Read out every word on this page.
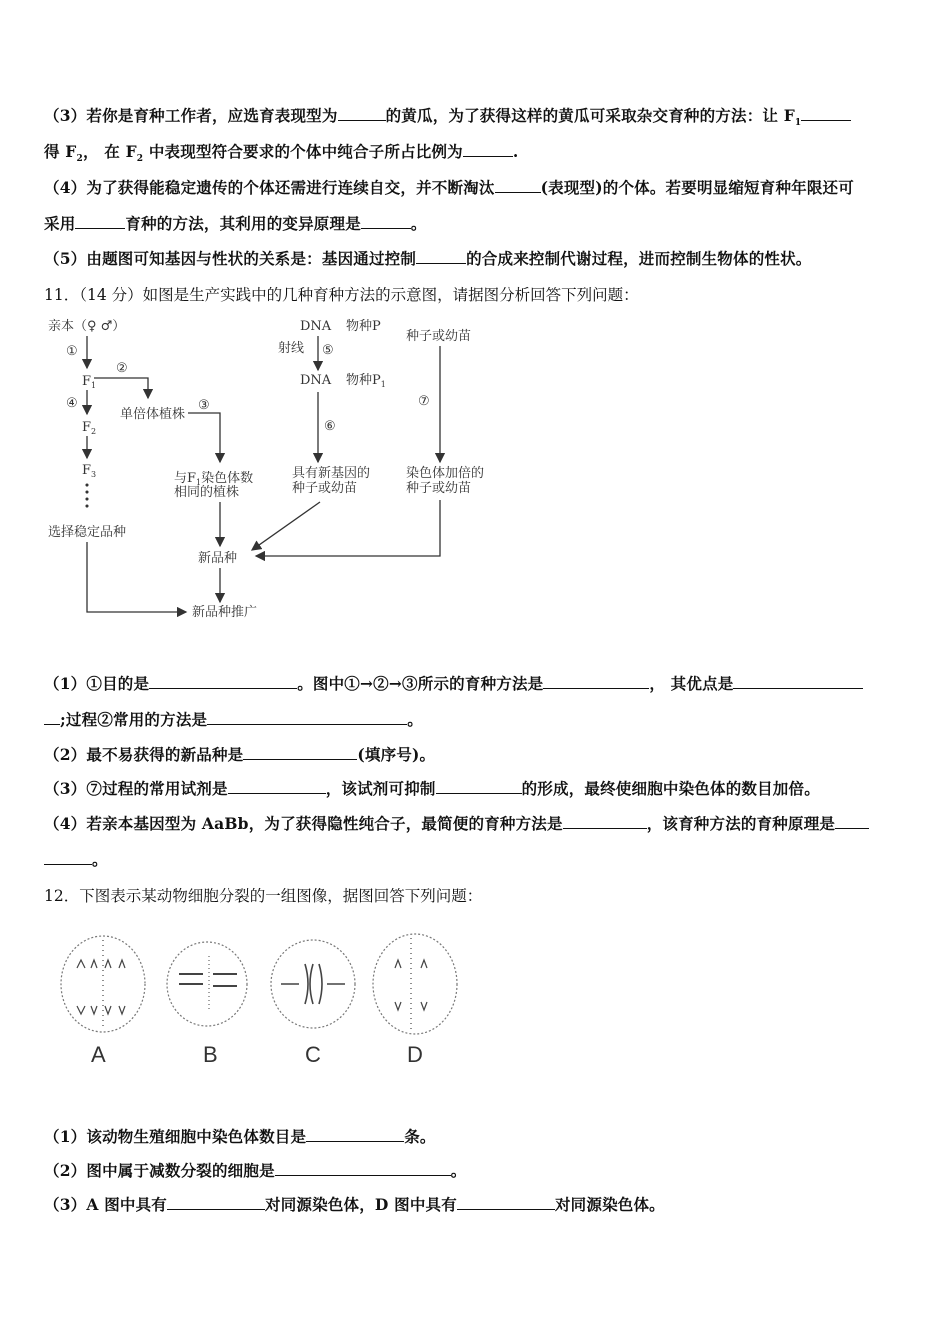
（3）若你是育种工作者，应选育表现型为	的黄瓜，为了获得这样的黄瓜可采取杂交育种的方法：让 $F_1$
得 $F_2$， 在 $F_2$ 中表现型符合要求的个体中纯合子所占比例为	.
（4）为了获得能稳定遗传的个体还需进行连续自交，并不断淘汰	(表现型)的个体。若要明显缩短育种年限还可
采用	育种的方法，其利用的变异原理是	。
（5）由题图可知基因与性状的关系是：基因通过控制	的合成来控制代谢过程，进而控制生物体的性状。
11．（14 分）如图是生产实践中的几种育种方法的示意图，请据图分析回答下列问题：
亲本（♀ ♂）
①
②
③
④
⑤
⑥
⑦
$F_1$
$F_2$
$F_3$
单倍体植株
与$F_1$染色体数
相同的植株
选择稳定品种
新品种
新品种推广
DNA 物种P
射线
DNA 物种$P_1$
具有新基因的
种子或幼苗
种子或幼苗
染色体加倍的
种子或幼苗
（1）①目的是	。图中①→②→③所示的育种方法是	， 其优点是
;过程②常用的方法是	。
（2）最不易获得的新品种是	(填序号)。
（3）⑦过程的常用试剂是	，该试剂可抑制	的形成，最终使细胞中染色体的数目加倍。
（4）若亲本基因型为 AaBb，为了获得隐性纯合子，最简便的育种方法是	，该育种方法的育种原理是
。
12．下图表示某动物细胞分裂的一组图像，据图回答下列问题：
A	B	C	D
（1）该动物生殖细胞中染色体数目是	条。
（2）图中属于减数分裂的细胞是	。
（3）A 图中具有	对同源染色体，D 图中具有	对同源染色体。
